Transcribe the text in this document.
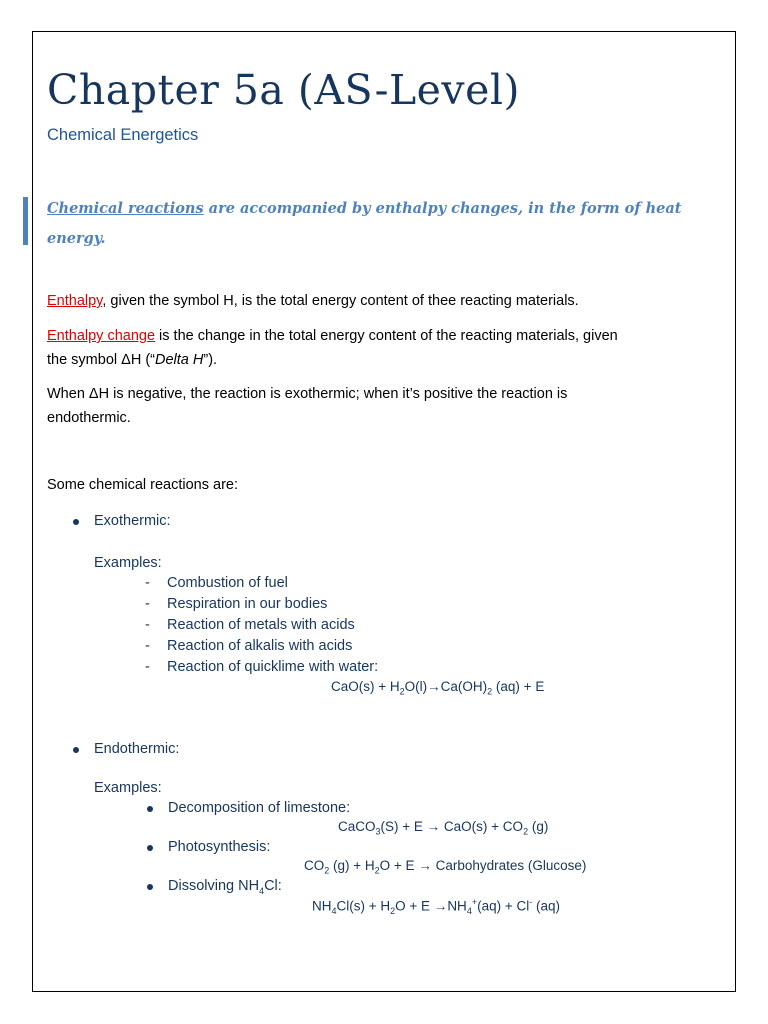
Chapter 5a (AS-Level)
Chemical Energetics
Chemical reactions are accompanied by enthalpy changes, in the form of heat
energy.
Enthalpy, given the symbol H, is the total energy content of thee reacting materials.
Enthalpy change is the change in the total energy content of the reacting materials, given
the symbol ΔH (“Delta H”).
When ΔH is negative, the reaction is exothermic; when it’s positive the reaction is
endothermic.
Some chemical reactions are:
Exothermic:
Examples:
- Combustion of fuel
- Respiration in our bodies
- Reaction of metals with acids
- Reaction of alkalis with acids
- Reaction of quicklime with water:
$CaO(s) + H_2O(l)\to Ca(OH)_2$ (aq) + E
Endothermic:
Examples:
Decomposition of limestone:
CaCO$_3$(S) + $E \to CaO(s) + CO_2$ (g)
Photosynthesis:
$CO_2$ $(g) + H_2O + E$ → Carbohydrates (Glucose)
Dissolving $NH_4Cl$:
$NH_4Cl(s) + H_2O + E \to NH_4^+(aq) + Cl^-$ (aq)
